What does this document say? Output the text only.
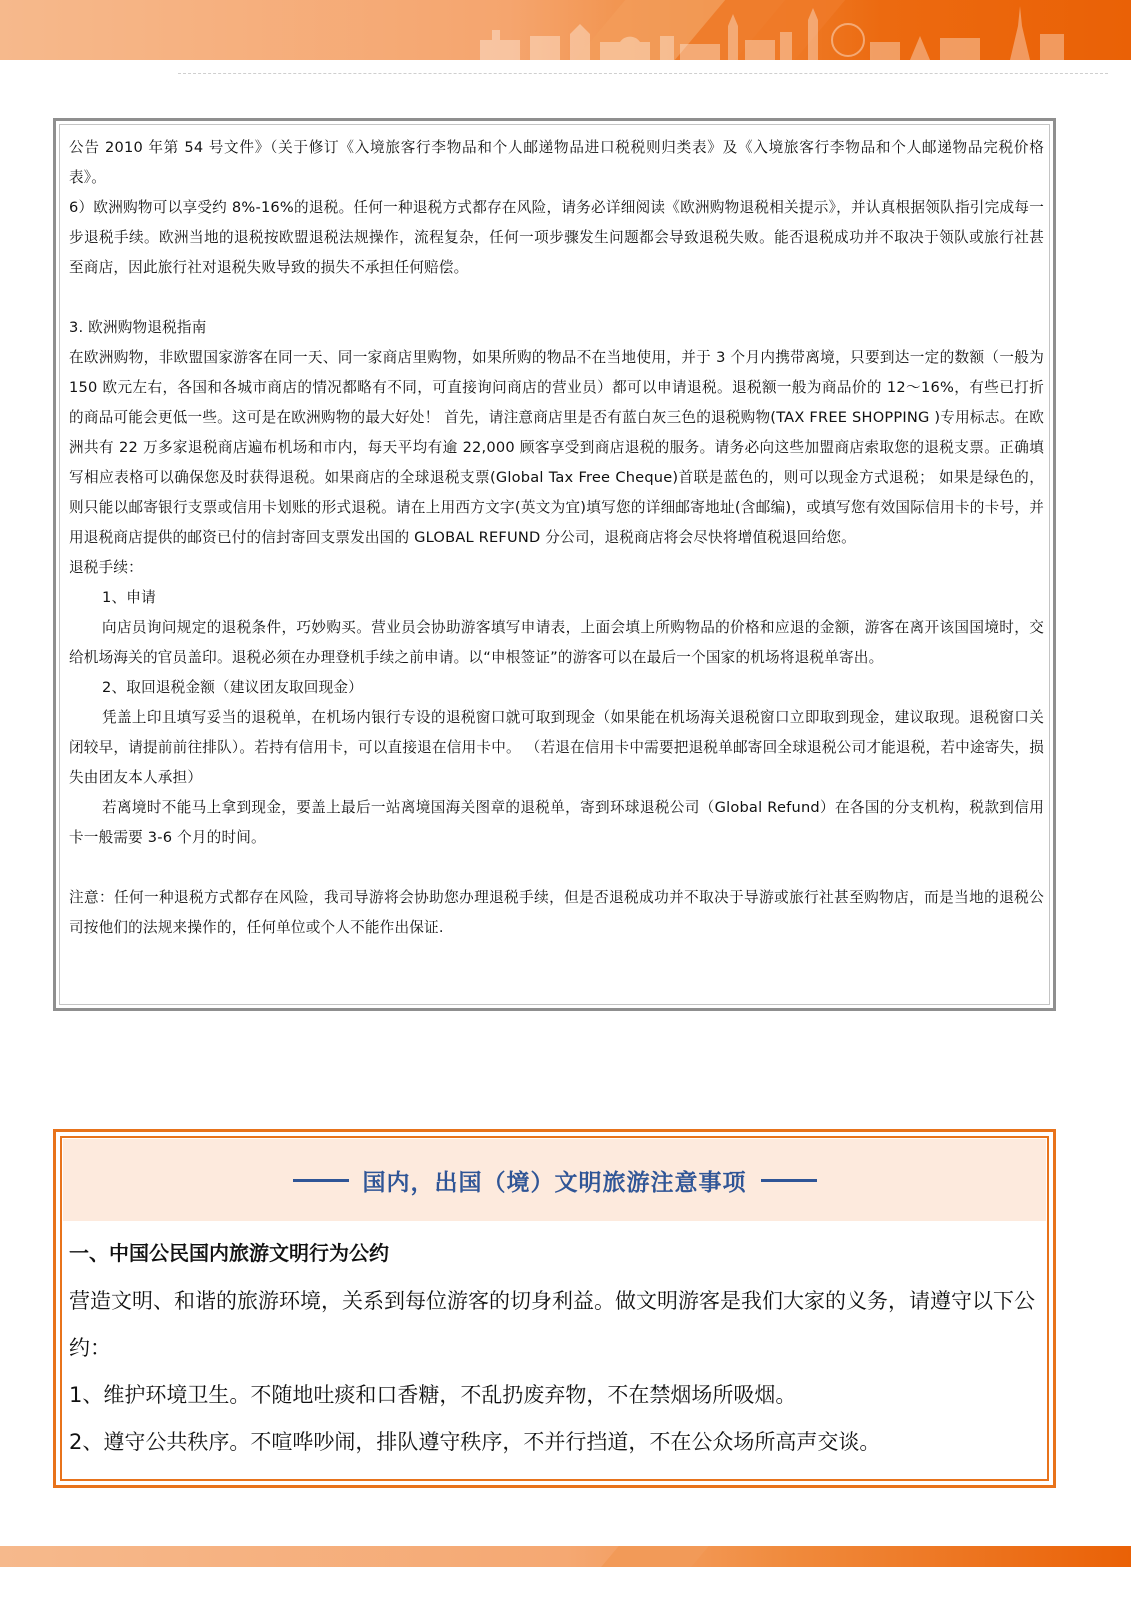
公告 2010 年第 54 号文件》（关于修订《入境旅客行李物品和个人邮递物品进口税税则归类表》及《入境旅客行李物品和个人邮递物品完税价格表》。

6）欧洲购物可以享受约 8%-16%的退税。任何一种退税方式都存在风险，请务必详细阅读《欧洲购物退税相关提示》，并认真根据领队指引完成每一步退税手续。欧洲当地的退税按欧盟退税法规操作，流程复杂，任何一项步骤发生问题都会导致退税失败。能否退税成功并不取决于领队或旅行社甚至商店，因此旅行社对退税失败导致的损失不承担任何赔偿。

3. 欧洲购物退税指南

在欧洲购物，非欧盟国家游客在同一天、同一家商店里购物，如果所购的物品不在当地使用，并于 3 个月内携带离境，只要到达一定的数额（一般为 150 欧元左右，各国和各城市商店的情况都略有不同，可直接询问商店的营业员）都可以申请退税。退税额一般为商品价的 12～16%，有些已打折的商品可能会更低一些。这可是在欧洲购物的最大好处！ 首先，请注意商店里是否有蓝白灰三色的退税购物(TAX FREE SHOPPING )专用标志。在欧洲共有 22 万多家退税商店遍布机场和市内，每天平均有逾 22,000 顾客享受到商店退税的服务。请务必向这些加盟商店索取您的退税支票。正确填写相应表格可以确保您及时获得退税。如果商店的全球退税支票(Global Tax Free Cheque)首联是蓝色的，则可以现金方式退税； 如果是绿色的，则只能以邮寄银行支票或信用卡划账的形式退税。请在上用西方文字(英文为宜)填写您的详细邮寄地址(含邮编)，或填写您有效国际信用卡的卡号，并用退税商店提供的邮资已付的信封寄回支票发出国的 GLOBAL REFUND 分公司，退税商店将会尽快将增值税退回给您。

退税手续：

1、申请

向店员询问规定的退税条件，巧妙购买。营业员会协助游客填写申请表，上面会填上所购物品的价格和应退的金额，游客在离开该国国境时，交给机场海关的官员盖印。退税必须在办理登机手续之前申请。以“申根签证”的游客可以在最后一个国家的机场将退税单寄出。

2、取回退税金额（建议团友取回现金）

凭盖上印且填写妥当的退税单，在机场内银行专设的退税窗口就可取到现金（如果能在机场海关退税窗口立即取到现金，建议取现。退税窗口关闭较早，请提前前往排队）。若持有信用卡，可以直接退在信用卡中。 （若退在信用卡中需要把退税单邮寄回全球退税公司才能退税，若中途寄失，损失由团友本人承担）

若离境时不能马上拿到现金，要盖上最后一站离境国海关图章的退税单，寄到环球退税公司（Global Refund）在各国的分支机构，税款到信用卡一般需要 3-6 个月的时间。

注意：任何一种退税方式都存在风险，我司导游将会协助您办理退税手续，但是否退税成功并不取决于导游或旅行社甚至购物店，而是当地的退税公司按他们的法规来操作的，任何单位或个人不能作出保证.

国内，出国（境）文明旅游注意事项
一、中国公民国内旅游文明行为公约

营造文明、和谐的旅游环境，关系到每位游客的切身利益。做文明游客是我们大家的义务，请遵守以下公约：

1、维护环境卫生。不随地吐痰和口香糖，不乱扔废弃物，不在禁烟场所吸烟。

2、遵守公共秩序。不喧哗吵闹，排队遵守秩序，不并行挡道，不在公众场所高声交谈。
